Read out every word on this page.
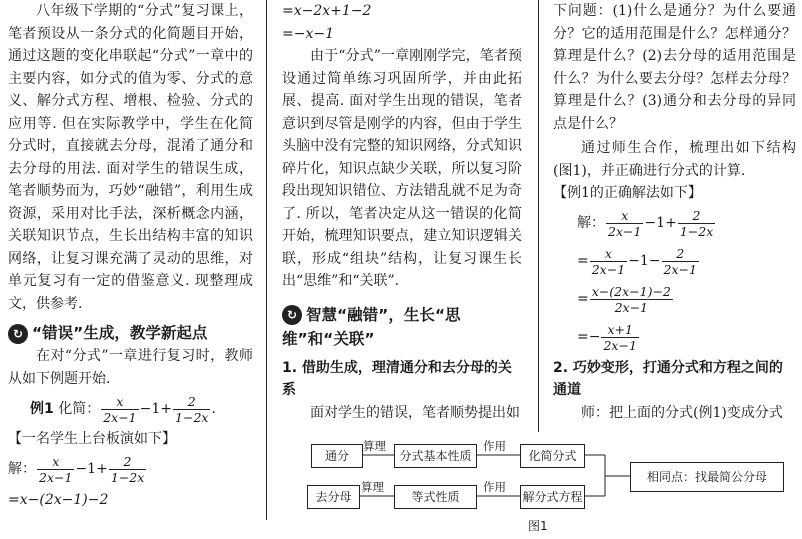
八年级下学期的“分式”复习课上，笔者预设从一条分式的化简题目开始，通过这题的变化串联起“分式”一章中的主要内容，如分式的值为零、分式的意义、解分式方程、增根、检验、分式的应用等. 但在实际教学中，学生在化简分式时，直接就去分母，混淆了通分和去分母的用法. 面对学生的错误生成，笔者顺势而为，巧妙“融错”，利用生成资源，采用对比手法，深析概念内涵，关联知识节点，生长出结构丰富的知识网络，让复习课充满了灵动的思维，对单元复习有一定的借鉴意义. 现整理成文，供参考.

↻ “错误”生成，教学新起点

在对“分式”一章进行复习时，教师从如下例题开始.

例1
化简： $\frac{x}{2x-1} -1+ \frac{2}{1-2x}$ .
【一名学生上台板演如下】
解： $\frac{x}{2x-1} -1+ \frac{2}{1-2x}$
=x−(2x−1)−2
=x−2x+1−2
=−x−1

由于“分式”一章刚刚学完，笔者预设通过简单练习巩固所学，并由此拓展、提高. 面对学生出现的错误，笔者意识到尽管是刚学的内容，但由于学生头脑中没有完整的知识网络，分式知识碎片化，知识点缺少关联，所以复习阶段出现知识错位、方法错乱就不足为奇了. 所以，笔者决定从这一错误的化简开始，梳理知识要点，建立知识逻辑关联，形成“组块”结构，让复习课生长出“思维”和“关联”.

↻ 智慧“融错”，生长“思维”和“关联”
1. 借助生成，理清通分和去分母的关系

面对学生的错误，笔者顺势提出如

下问题：(1)什么是通分？为什么要通分？它的适用范围是什么？怎样通分？算理是什么？(2)去分母的适用范围是什么？为什么要去分母？怎样去分母？算理是什么？(3)通分和去分母的异同点是什么？

通过师生合作，梳理出如下结构(图1)，并正确进行分式的计算.

【例1的正确解法如下】
解： $\frac{x}{2x-1} -1+ \frac{2}{1-2x}$
= $\frac{x}{2x-1} -1- \frac{2}{2x-1}$
= $\frac{x-(2x-1)-2}{2x-1}$
=− $\frac{x+1}{2x-1}$
2. 巧妙变形，打通分式和方程之间的通道

师：把上面的分式(例1)变成分式

通分	分式基本性质	化简分式
去分母	等式性质	解分式方程
相同点：找最简公分母
算理	作用
算理	作用
图1
